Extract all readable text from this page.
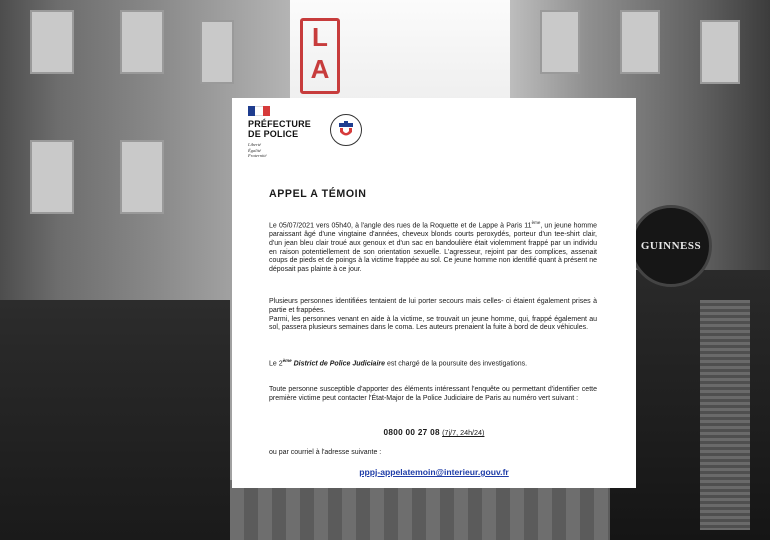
L
A
GUINNESS
PRÉFECTURE
DE POLICE
Liberté
Égalité
Fraternité
APPEL A TÉMOIN

Le 05/07/2021 vers 05h40, à l'angle des rues de la Roquette et de Lappe à Paris 11ème, un jeune homme paraissant âgé d'une vingtaine d'années, cheveux blonds courts peroxydés, porteur d'un tee-shirt clair, d'un jean bleu clair troué aux genoux et d'un sac en bandoulière était violemment frappé par un individu en raison potentiellement de son orientation sexuelle. L'agresseur, rejoint par des complices, assenait coups de pieds et de poings à la victime frappée au sol. Ce jeune homme non identifié quant à présent ne déposait pas plainte à ce jour.

Plusieurs personnes identifiées tentaient de lui porter secours mais celles- ci étaient également prises à partie et frappées.
Parmi, les personnes venant en aide à la victime, se trouvait un jeune homme, qui, frappé également au sol, passera plusieurs semaines dans le coma. Les auteurs prenaient la fuite à bord de deux véhicules.

Le 2ème District de Police Judiciaire est chargé de la poursuite des investigations.

Toute personne susceptible d'apporter des éléments intéressant l'enquête ou permettant d'identifier cette première victime peut contacter l'État-Major de la Police Judiciaire de Paris au numéro vert suivant :

0800 00 27 08 (7j/7, 24h/24)
ou par courriel à l'adresse suivante :
pppj-appelatemoin@interieur.gouv.fr
